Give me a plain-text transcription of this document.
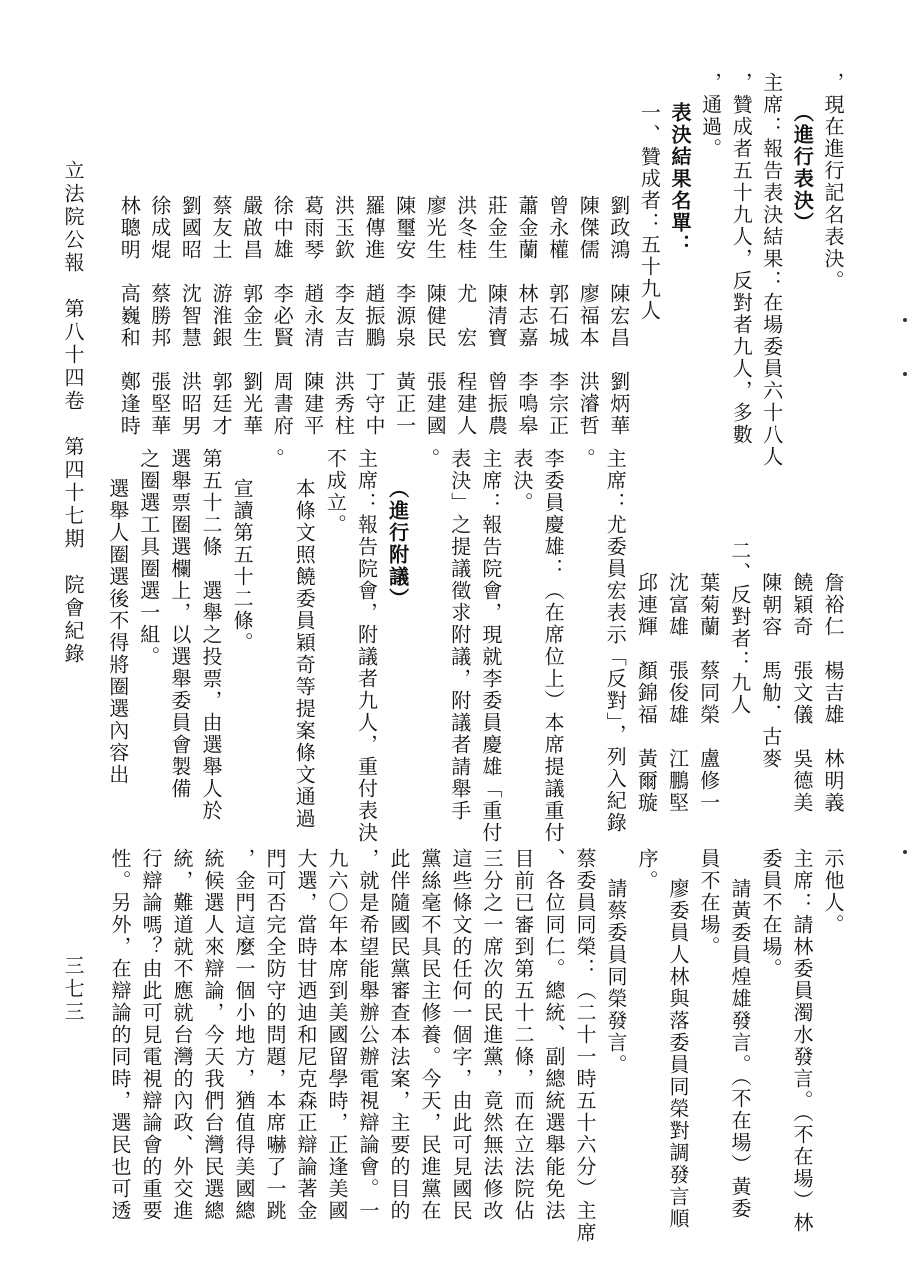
，現在進行記名表決。
（進行表決）
主席：報告表決結果：在場委員六十八人
，贊成者五十九人，反對者九人，多數
，通過。
表決結果名單：
一、贊成者：五十九人
劉政鴻　陳宏昌　劉炳華
陳傑儒　廖福本　洪濬哲
曾永權　郭石城　李宗正
蕭金蘭　林志嘉　李鳴皋
莊金生　陳清寶　曾振農
洪冬桂　尤　宏　程建人
廖光生　陳健民　張建國
陳璽安　李源泉　黃正一
羅傳進　趙振鵬　丁守中
洪玉欽　李友吉　洪秀柱
葛雨琴　趙永清　陳建平
徐中雄　李必賢　周書府
嚴啟昌　郭金生　劉光華
蔡友土　游淮銀　郭廷才
劉國昭　沈智慧　洪昭男
徐成焜　蔡勝邦　張堅華
林聰明　高巍和　鄭逢時
詹裕仁　楊吉雄　林明義
饒穎奇　張文儀　吳德美
陳朝容　馬觔．古麥
二、反對者：九人
葉菊蘭　蔡同榮　盧修一
沈富雄　張俊雄　江鵬堅
邱連輝　顏錦福　黃爾璇
主席：尤委員宏表示「反對」，列入紀錄
。
李委員慶雄：（在席位上）本席提議重付
表決。
主席：報告院會，現就李委員慶雄「重付
表決」之提議徵求附議，附議者請舉手
。
（進行附議）
主席：報告院會，附議者九人，重付表決
不成立。
本條文照饒委員穎奇等提案條文通過
。
宣讀第五十二條。
第五十二條　選舉之投票，由選舉人於
選舉票圈選欄上，以選舉委員會製備
之圈選工具圈選一組。
選舉人圈選後不得將圈選內容出
示他人。
主席：請林委員濁水發言。（不在場）林
委員不在場。
請黃委員煌雄發言。（不在場）黃委
員不在場。
廖委員人林與落委員同榮對調發言順
序。
請蔡委員同榮發言。
蔡委員同榮：（二十一時五十六分）主席
、各位同仁。總統、副總統選舉能免法
目前已審到第五十二條，而在立法院佔
三分之一席次的民進黨，竟然無法修改
這些條文的任何一個字，由此可見國民
黨絲毫不具民主修養。今天，民進黨在
此伴隨國民黨審查本法案，主要的目的
，就是希望能舉辦公辦電視辯論會。一
九六〇年本席到美國留學時，正逢美國
大選，當時甘迺迪和尼克森正辯論著金
門可否完全防守的問題，本席嚇了一跳
，金門這麼一個小地方，猶值得美國總
統候選人來辯論，今天我們台灣民選總
統，難道就不應就台灣的內政、外交進
行辯論嗎？由此可見電視辯論會的重要
性。另外，在辯論的同時，選民也可透
立法院公報　第八十四卷　第四十七期　院會紀錄
三七三
